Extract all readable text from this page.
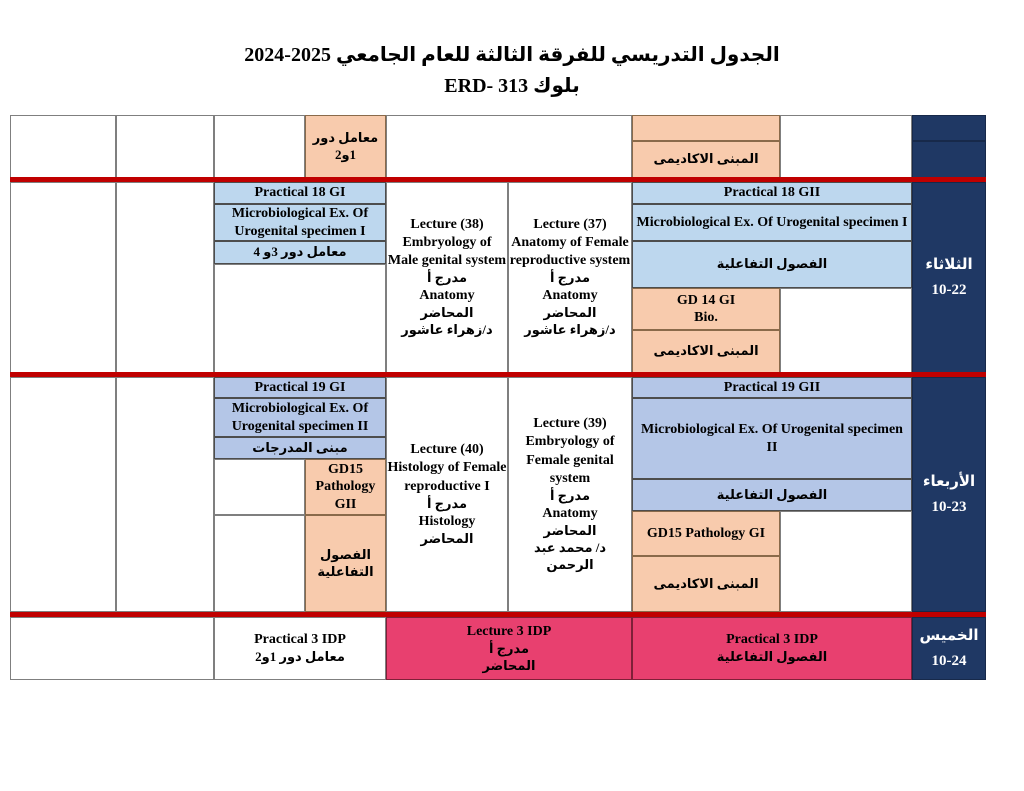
الجدول التدريسي للفرقة الثالثة للعام الجامعي 2025-2024
بلوك ERD- 313
معامل دور 1و2	المبنى الاكاديمى
Practical 18 GI
Microbiological Ex. Of Urogenital specimen I
معامل دور 3و 4
Lecture (38)
Embryology of Male genital system
مدرج أ
Anatomy
المحاضر
د/زهراء عاشور
Lecture (37)
Anatomy of Female reproductive system
مدرج أ
Anatomy
المحاضر
د/زهراء عاشور
Practical 18 GII
Microbiological Ex. Of Urogenital specimen I
الفصول التفاعلية
GD 14 GI
Bio.
المبنى الاكاديمى
الثلاثاء
10-22
Practical 19 GI
Microbiological Ex. Of Urogenital specimen II
مبنى المدرجات
GD15 Pathology GII
الفصول التفاعلية
Lecture (40)
Histology of Female reproductive I
مدرج أ
Histology
المحاضر
Lecture (39)
Embryology of Female genital system
مدرج أ
Anatomy
المحاضر
د/ محمد عبد الرحمن
Practical 19 GII
Microbiological Ex. Of Urogenital specimen II
الفصول التفاعلية
GD15 Pathology GI
المبنى الاكاديمى
الأربعاء
10-23
Practical 3 IDP
معامل دور 1و2
Lecture 3 IDP
مدرج أ
المحاضر
Practical 3 IDP
الفصول التفاعلية
الخميس
10-24
